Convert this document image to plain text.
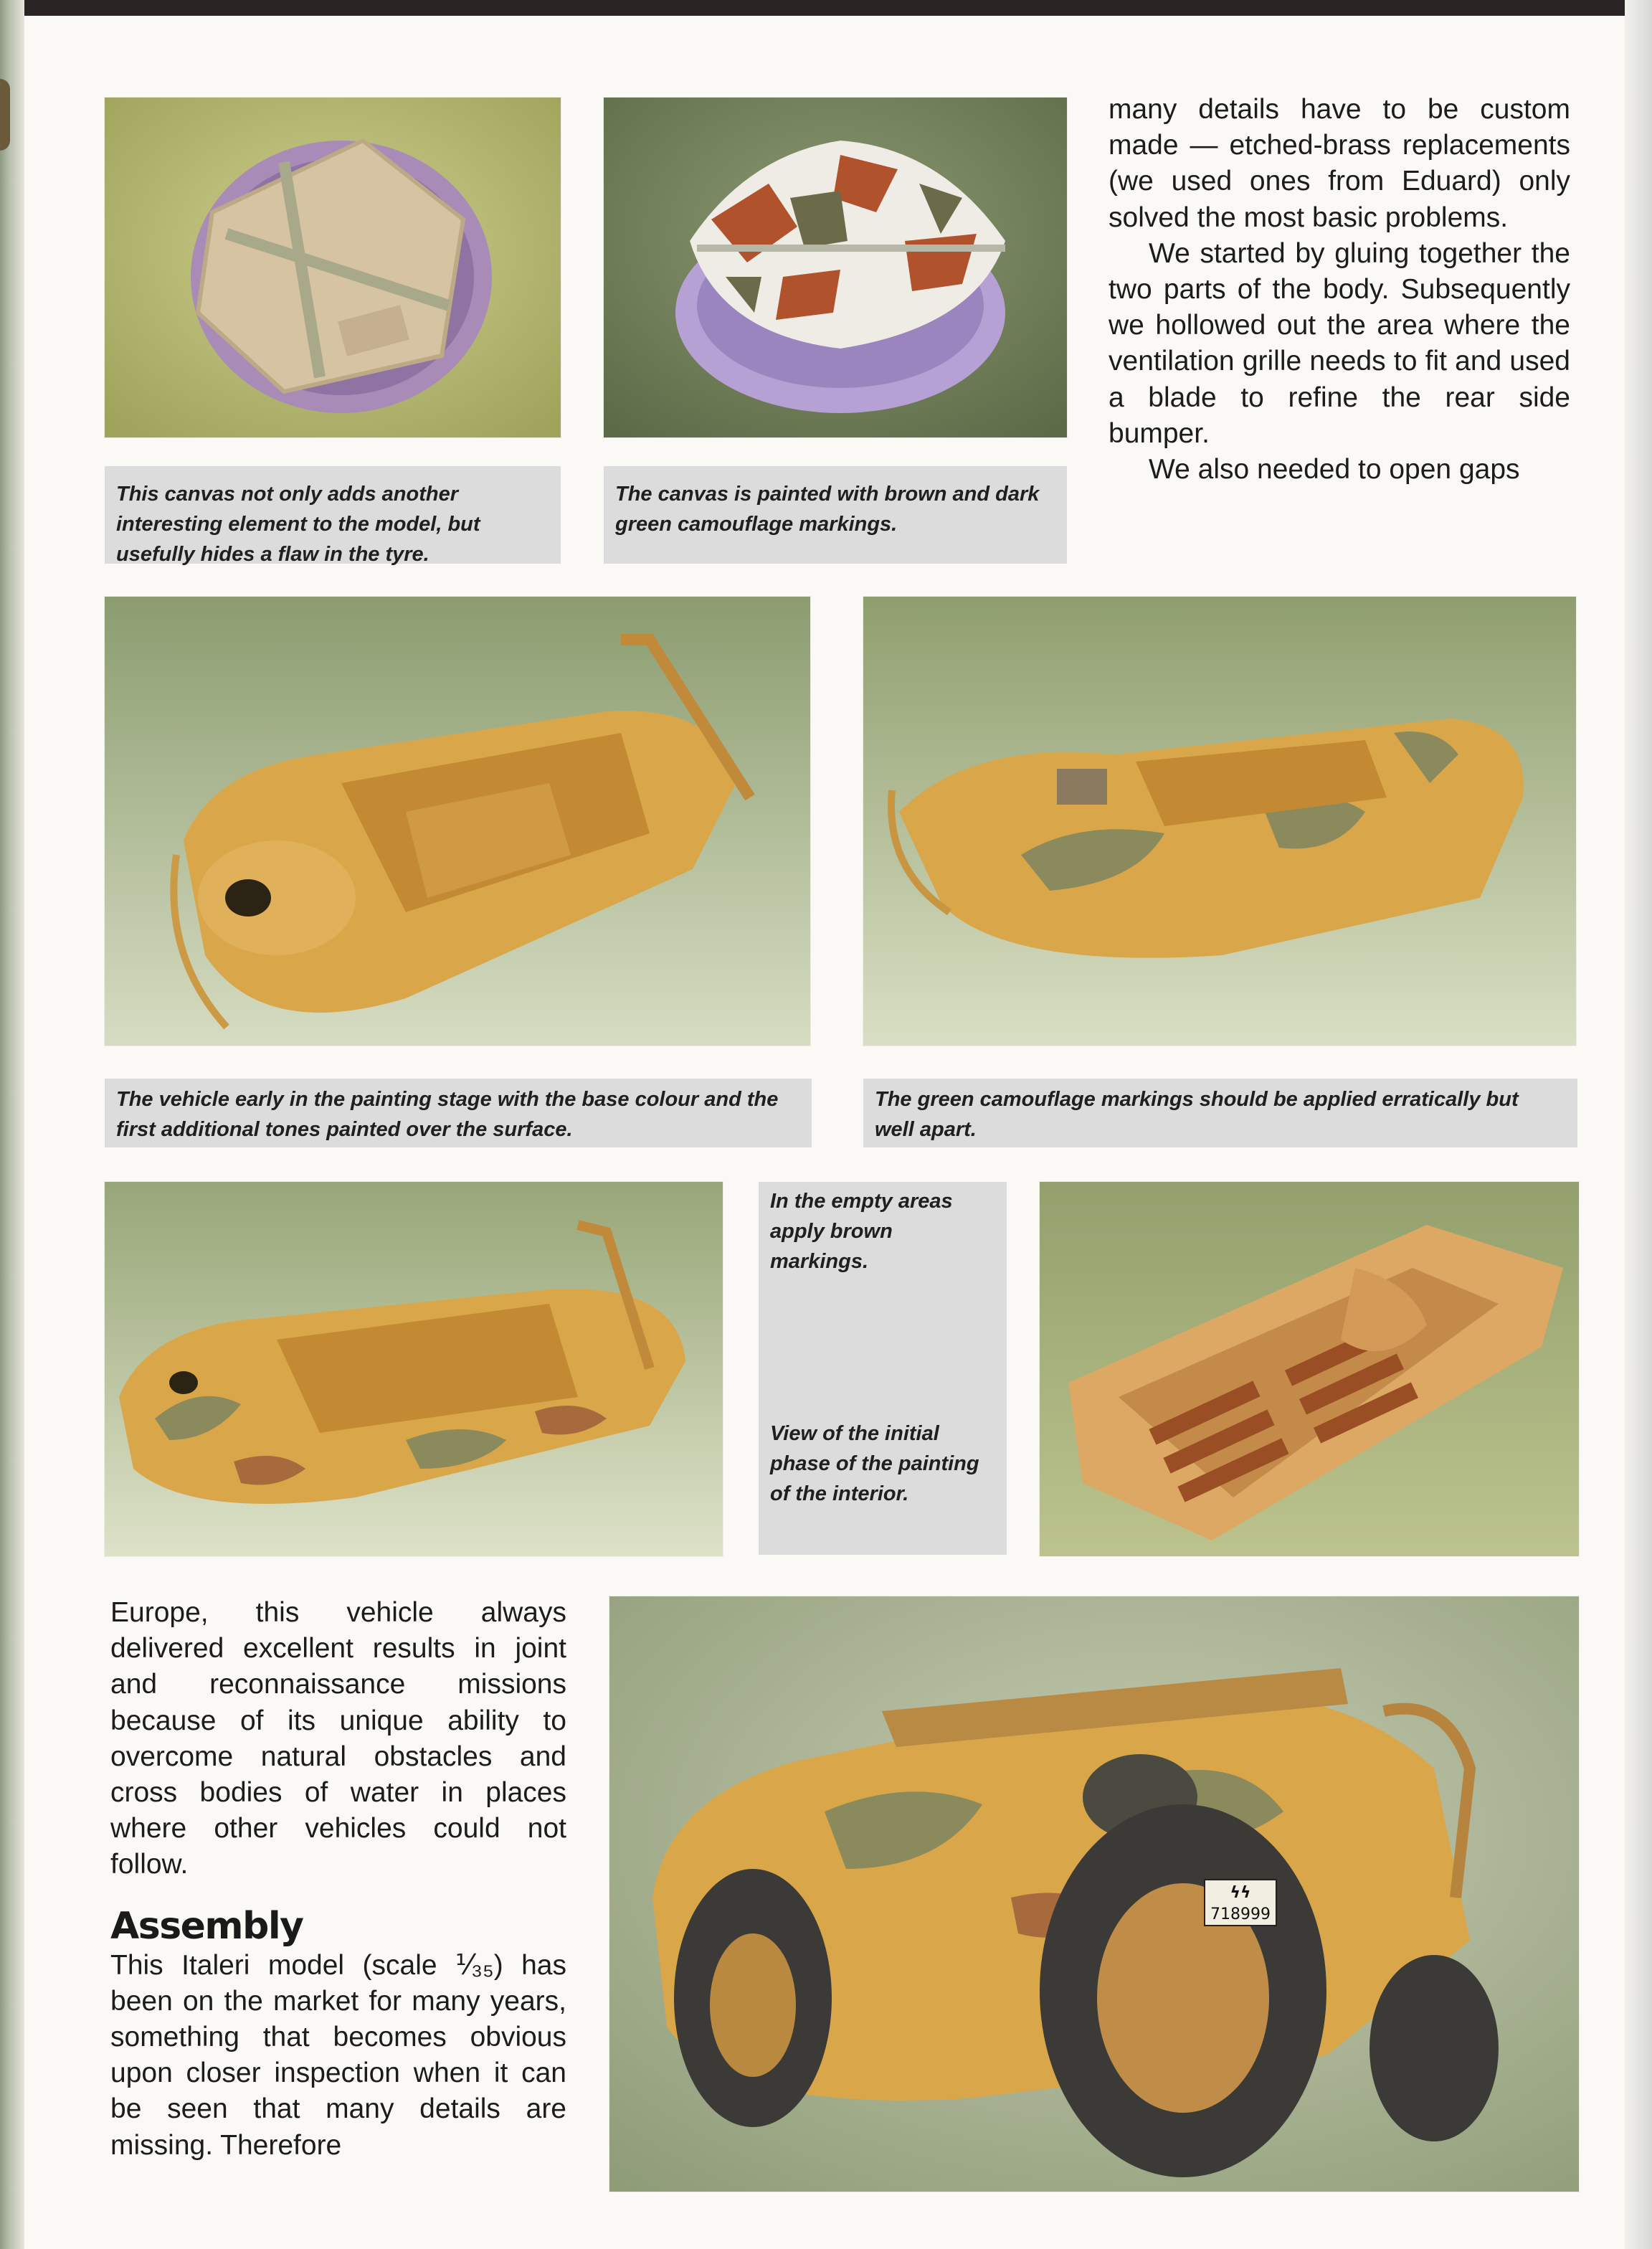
This canvas not only adds another interesting element to the model, but usefully hides a flaw in the tyre.

The canvas is painted with brown and dark green camouflage markings.

many details have to be custom made — etched-brass replacements (we used ones from Eduard) only solved the most basic problems.

We started by gluing together the two parts of the body. Subsequently we hollowed out the area where the ventilation grille needs to fit and used a blade to refine the rear side bumper.

We also needed to open gaps

The vehicle early in the painting stage with the base colour and the first additional tones painted over the surface.

The green camouflage markings should be applied erratically but well apart.

In the empty areas apply brown markings.

View of the initial phase of the painting of the interior.

Europe, this vehicle always delivered excellent results in joint and reconnaissance missions because of its unique ability to overcome natural obstacles and cross bodies of water in places where other vehicles could not follow.

Assembly

This Italeri model (scale ⅟₃₅) has been on the market for many years, something that becomes obvious upon closer inspection when it can be seen that many details are missing. Therefore

ϟϟ
718999
